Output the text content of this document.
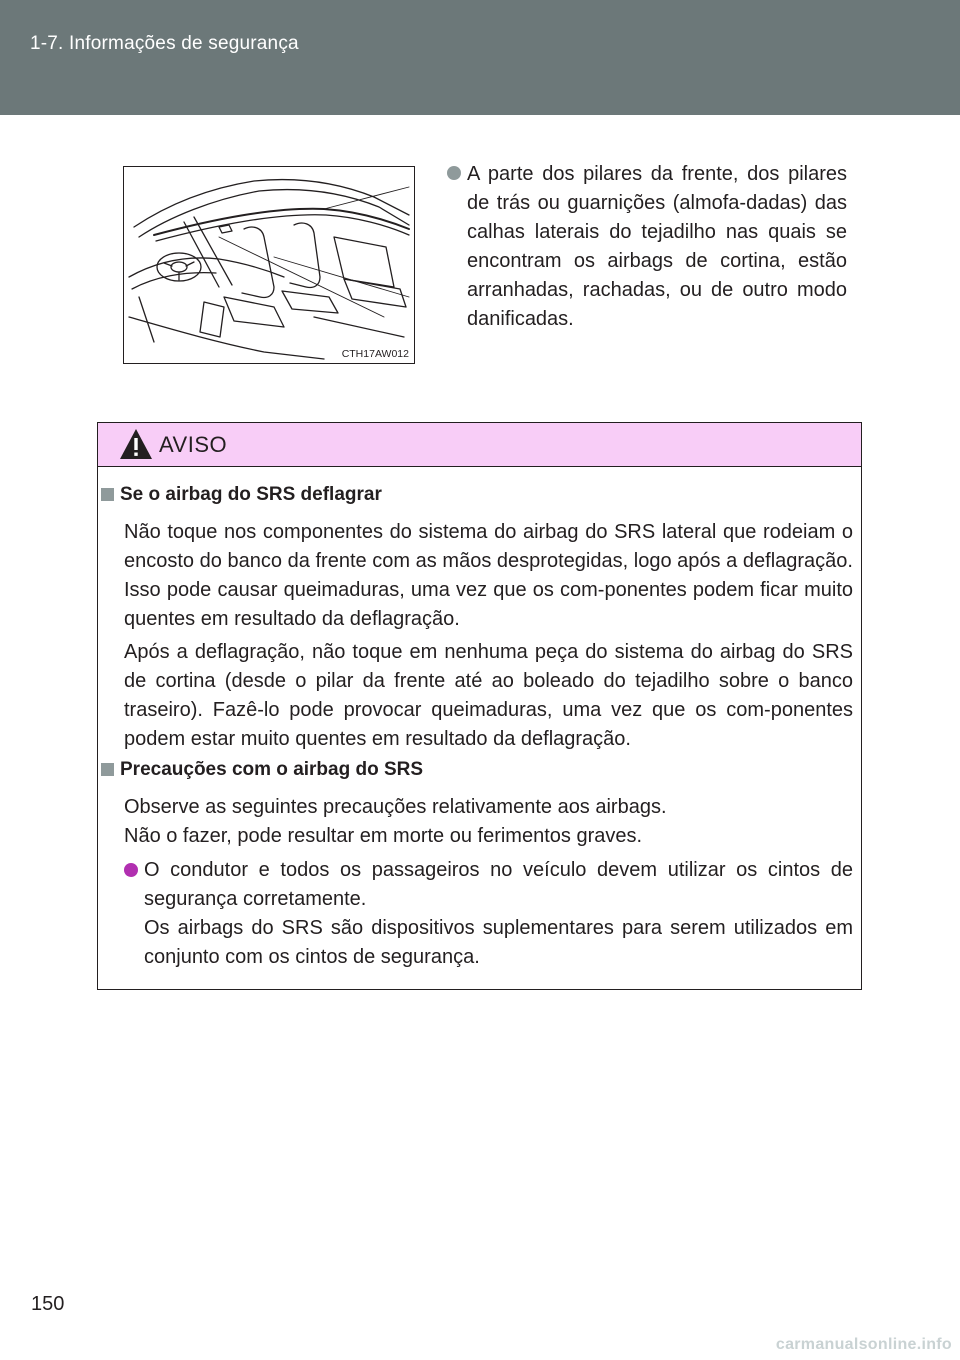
1-7. Informações de segurança
CTH17AW012
A parte dos pilares da frente, dos pilares de trás ou guarnições (almofa-dadas) das calhas laterais do tejadilho nas quais se encontram os airbags de cortina, estão arranhadas, rachadas, ou de outro modo danificadas.
AVISO
Se o airbag do SRS deflagrar
Não toque nos componentes do sistema do airbag do SRS lateral que rodeiam o encosto do banco da frente com as mãos desprotegidas, logo após a deflagração. Isso pode causar queimaduras, uma vez que os com-ponentes podem ficar muito quentes em resultado da deflagração.
Após a deflagração, não toque em nenhuma peça do sistema do airbag do SRS de cortina (desde o pilar da frente até ao boleado do tejadilho sobre o banco traseiro). Fazê-lo pode provocar queimaduras, uma vez que os com-ponentes podem estar muito quentes em resultado da deflagração.
Precauções com o airbag do SRS
Observe as seguintes precauções relativamente aos airbags.
Não o fazer, pode resultar em morte ou ferimentos graves.
O condutor e todos os passageiros no veículo devem utilizar os cintos de segurança corretamente.
Os airbags do SRS são dispositivos suplementares para serem utilizados em conjunto com os cintos de segurança.
150
carmanualsonline.info
